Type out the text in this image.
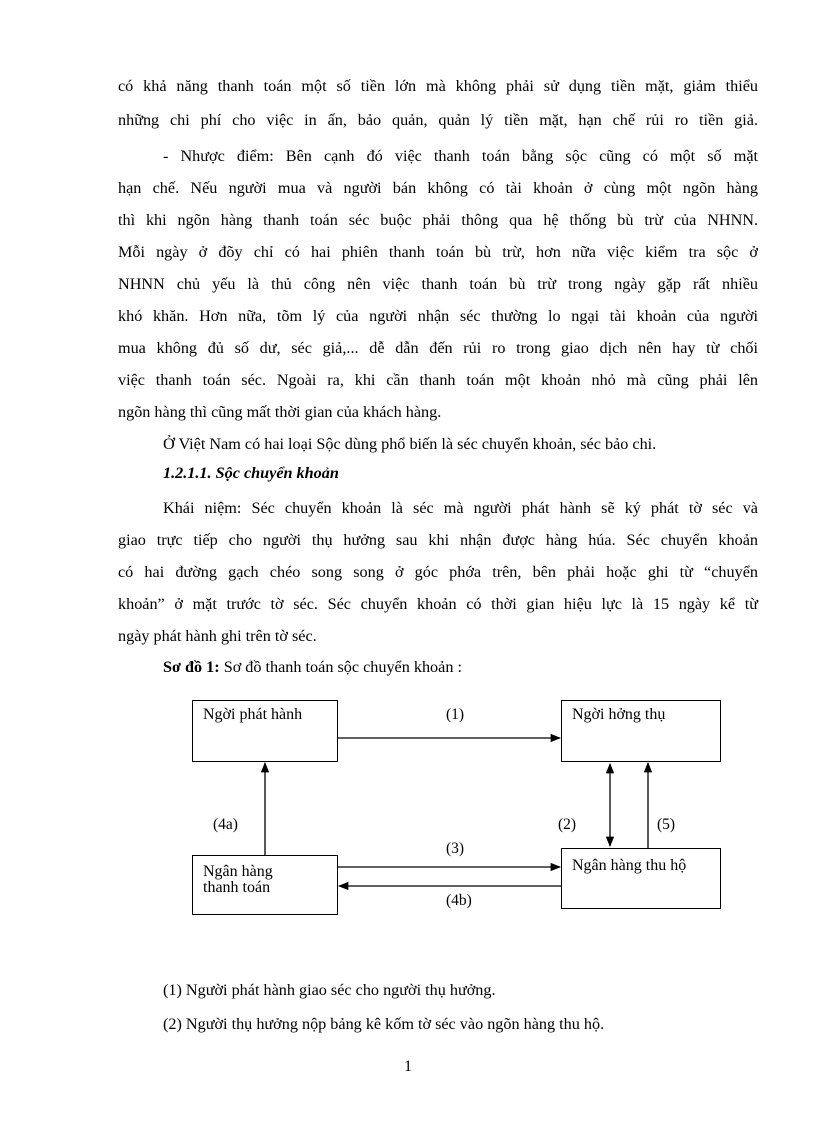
có khả năng thanh toán một số tiền lớn mà không phải sử dụng tiền mặt, giảm thiểu
những chi phí cho việc in ấn, bảo quản, quản lý tiền mặt, hạn chế rủi ro tiền giả.
- Nhược điểm: Bên cạnh đó việc thanh toán bằng sộc cũng có một số mặt
hạn chế. Nếu người mua và người bán không có tài khoản ở cùng một ngõn hàng
thì khi ngõn hàng thanh toán séc buộc phải thông qua hệ thống bù trừ của NHNN.
Mỗi ngày ở đõy chỉ có hai phiên thanh toán bù trừ, hơn nữa việc kiểm tra sộc ở
NHNN chủ yếu là thủ công nên việc thanh toán bù trừ trong ngày gặp rất nhiều
khó khăn. Hơn nữa, tõm lý của người nhận séc thường lo ngại tài khoản của người
mua không đủ số dư, séc giả,... dễ dẫn đến rủi ro trong giao dịch nên hay từ chối
việc thanh toán séc. Ngoài ra, khi cần thanh toán một khoản nhỏ mà cũng phải lên
ngõn hàng thì cũng mất thời gian của khách hàng.
Ở Việt Nam có hai loại Sộc dùng phổ biến là séc chuyển khoản, séc bảo chi.
1.2.1.1. Sộc chuyển khoản
Khái niệm: Séc chuyển khoản là séc mà người phát hành sẽ ký phát tờ séc và
giao trực tiếp cho người thụ hưởng sau khi nhận được hàng húa. Séc chuyển khoản
có hai đường gạch chéo song song ở góc phớa trên, bên phải hoặc ghi từ “chuyển
khoản” ở mặt trước tờ séc. Séc chuyển khoản có thời gian hiệu lực là 15 ngày kể từ
ngày phát hành ghi trên tờ séc.
Sơ đồ 1: Sơ đồ thanh toán sộc chuyển khoản :
Ngời phát hành	Ngời hởng thụ
Ngân hàng
thanh toán
Ngân hàng thu hộ
(1)
(4a)	(2)	(5)
(3)
(4b)
(1) Người phát hành giao séc cho người thụ hưởng.
(2) Người thụ hưởng nộp bảng kê kốm tờ séc vào ngõn hàng thu hộ.
1
